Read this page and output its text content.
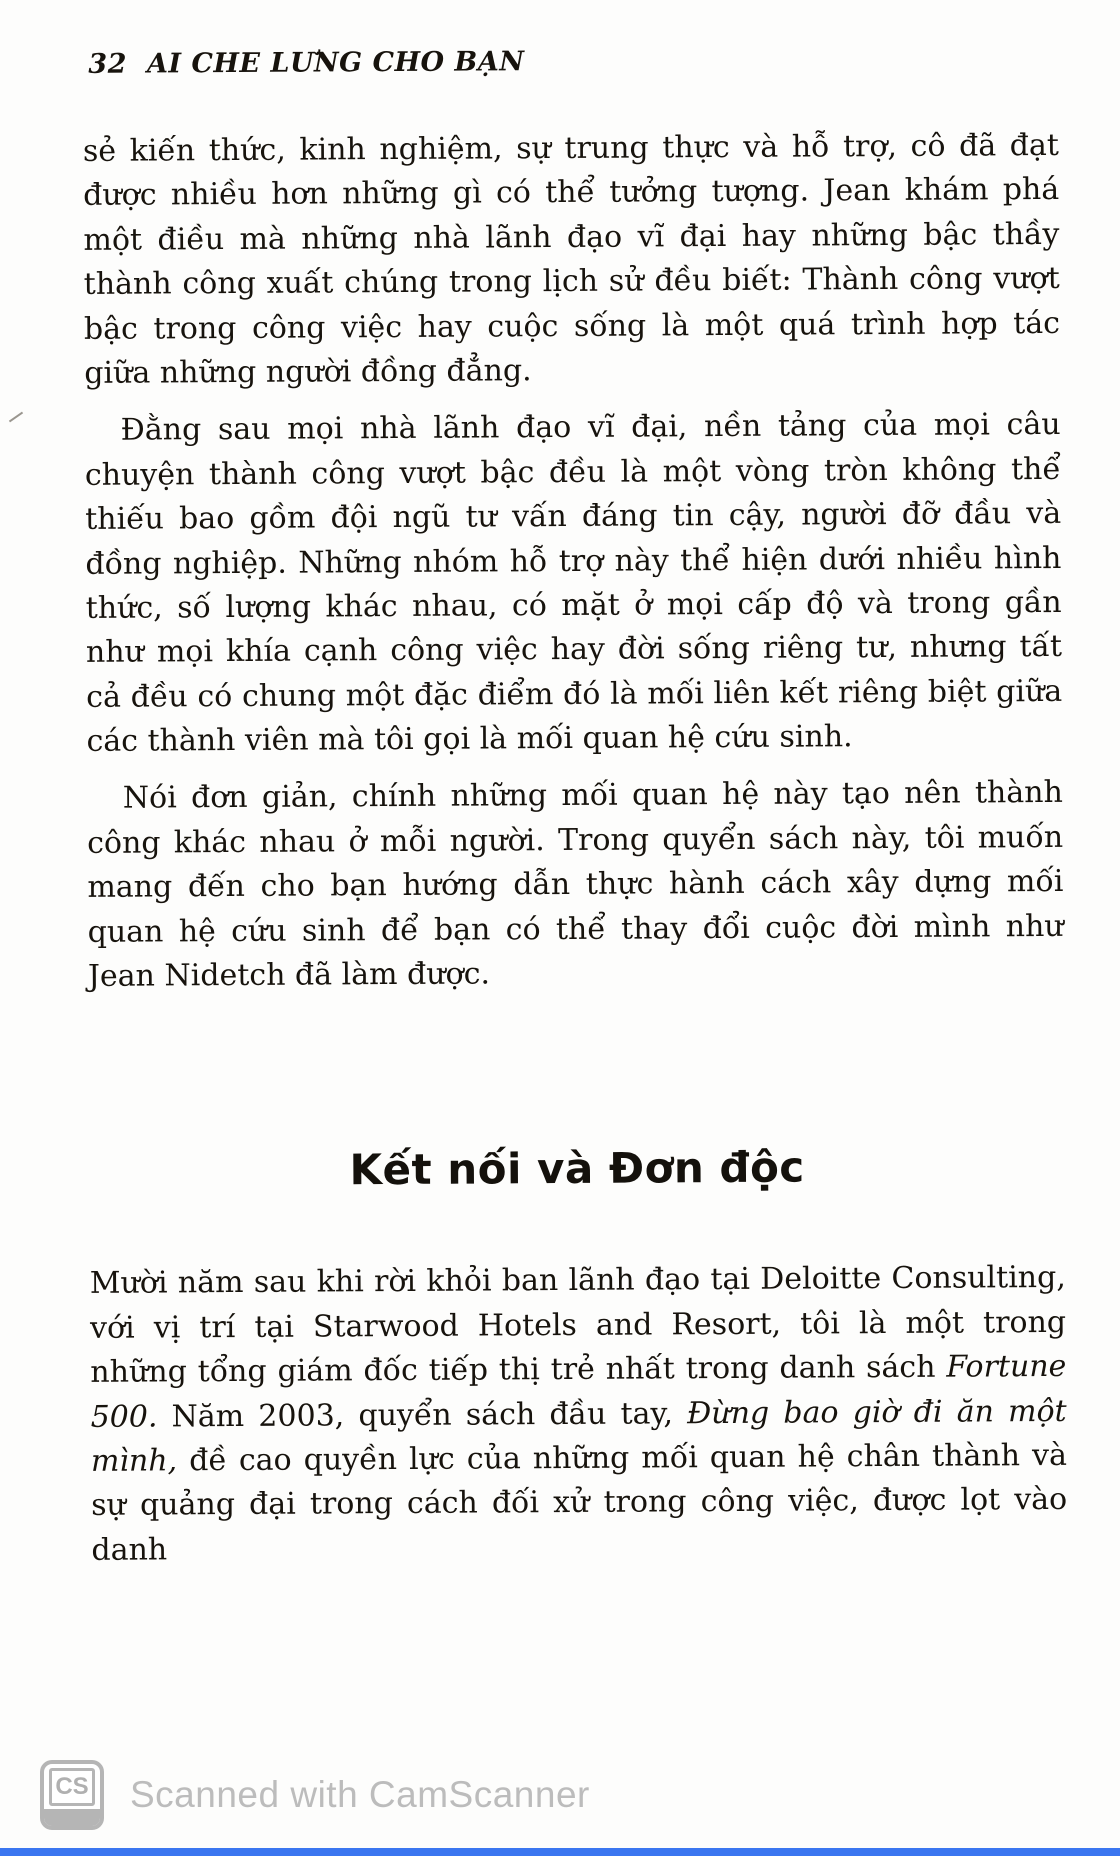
32 AI CHE LƯNG CHO BẠN

sẻ kiến thức, kinh nghiệm, sự trung thực và hỗ trợ, cô đã đạt được nhiều hơn những gì có thể tưởng tượng. Jean khám phá một điều mà những nhà lãnh đạo vĩ đại hay những bậc thầy thành công xuất chúng trong lịch sử đều biết: Thành công vượt bậc trong công việc hay cuộc sống là một quá trình hợp tác giữa những người đồng đẳng.

Đằng sau mọi nhà lãnh đạo vĩ đại, nền tảng của mọi câu chuyện thành công vượt bậc đều là một vòng tròn không thể thiếu bao gồm đội ngũ tư vấn đáng tin cậy, người đỡ đầu và đồng nghiệp. Những nhóm hỗ trợ này thể hiện dưới nhiều hình thức, số lượng khác nhau, có mặt ở mọi cấp độ và trong gần như mọi khía cạnh công việc hay đời sống riêng tư, nhưng tất cả đều có chung một đặc điểm đó là mối liên kết riêng biệt giữa các thành viên mà tôi gọi là mối quan hệ cứu sinh.

Nói đơn giản, chính những mối quan hệ này tạo nên thành công khác nhau ở mỗi người. Trong quyển sách này, tôi muốn mang đến cho bạn hướng dẫn thực hành cách xây dựng mối quan hệ cứu sinh để bạn có thể thay đổi cuộc đời mình như Jean Nidetch đã làm được.

Kết nối và Đơn độc

Mười năm sau khi rời khỏi ban lãnh đạo tại Deloitte Consulting, với vị trí tại Starwood Hotels and Resort, tôi là một trong những tổng giám đốc tiếp thị trẻ nhất trong danh sách Fortune 500. Năm 2003, quyển sách đầu tay, Đừng bao giờ đi ăn một mình, đề cao quyền lực của những mối quan hệ chân thành và sự quảng đại trong cách đối xử trong công việc, được lọt vào danh

CS Scanned with CamScanner
